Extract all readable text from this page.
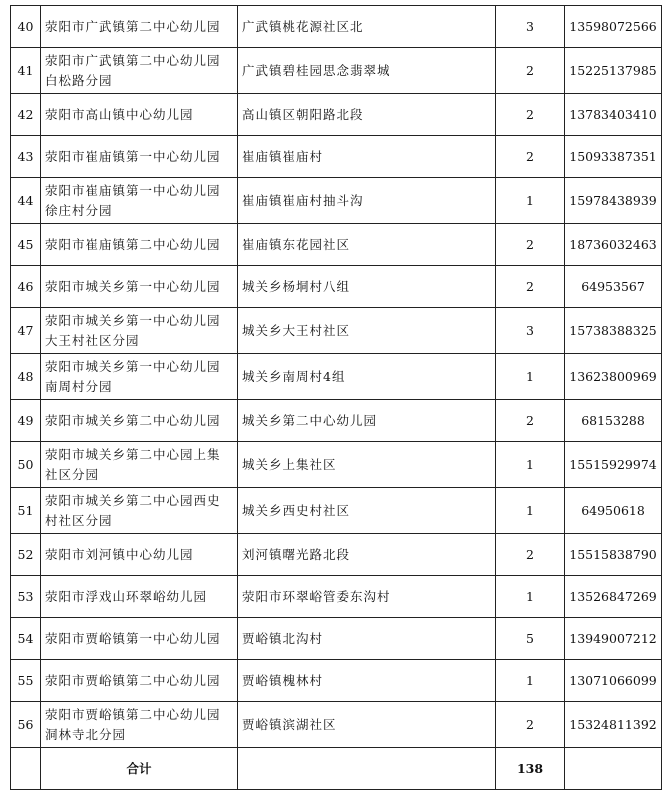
40	荥阳市广武镇第二中心幼儿园	广武镇桃花源社区北	3	13598072566
41	荥阳市广武镇第二中心幼儿园白松路分园	广武镇碧桂园思念翡翠城	2	15225137985
42	荥阳市高山镇中心幼儿园	高山镇区朝阳路北段	2	13783403410
43	荥阳市崔庙镇第一中心幼儿园	崔庙镇崔庙村	2	15093387351
44	荥阳市崔庙镇第一中心幼儿园徐庄村分园	崔庙镇崔庙村抽斗沟	1	15978438939
45	荥阳市崔庙镇第二中心幼儿园	崔庙镇东花园社区	2	18736032463
46	荥阳市城关乡第一中心幼儿园	城关乡杨垌村八组	2	64953567
47	荥阳市城关乡第一中心幼儿园大王村社区分园	城关乡大王村社区	3	15738388325
48	荥阳市城关乡第一中心幼儿园南周村分园	城关乡南周村4组	1	13623800969
49	荥阳市城关乡第二中心幼儿园	城关乡第二中心幼儿园	2	68153288
50	荥阳市城关乡第二中心园上集社区分园	城关乡上集社区	1	15515929974
51	荥阳市城关乡第二中心园西史村社区分园	城关乡西史村社区	1	64950618
52	荥阳市刘河镇中心幼儿园	刘河镇曙光路北段	2	15515838790
53	荥阳市浮戏山环翠峪幼儿园	荥阳市环翠峪管委东沟村	1	13526847269
54	荥阳市贾峪镇第一中心幼儿园	贾峪镇北沟村	5	13949007212
55	荥阳市贾峪镇第二中心幼儿园	贾峪镇槐林村	1	13071066099
56	荥阳市贾峪镇第二中心幼儿园洞林寺北分园	贾峪镇滨湖社区	2	15324811392
	合计		138	
